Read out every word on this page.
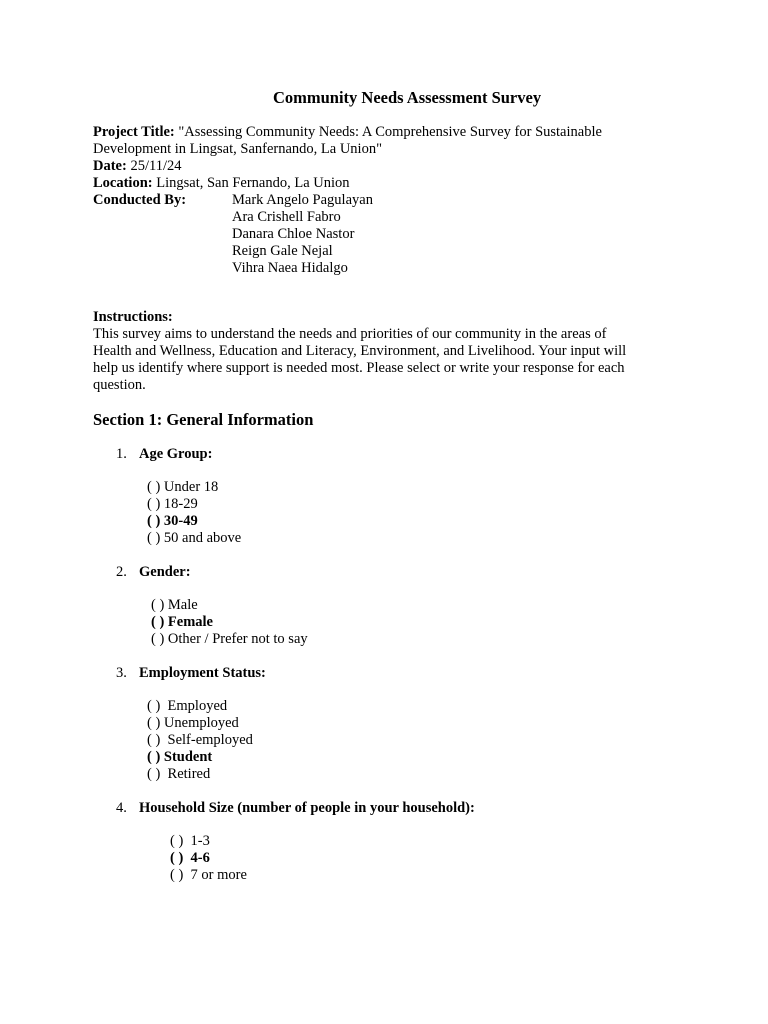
Community Needs Assessment Survey

Project Title: "Assessing Community Needs: A Comprehensive Survey for Sustainable

Development in Lingsat, Sanfernando, La Union"

Date: 25/11/24

Location: Lingsat, San Fernando, La Union

Conducted By:	Mark Angelo Pagulayan
Ara Crishell Fabro
Danara Chloe Nastor
Reign Gale Nejal
Vihra Naea Hidalgo

Instructions:

This survey aims to understand the needs and priorities of our community in the areas of

Health and Wellness, Education and Literacy, Environment, and Livelihood. Your input will

help us identify where support is needed most. Please select or write your response for each

question.

Section 1: General Information
1. Age Group:
( ) Under 18
( ) 18-29
( ) 30-49
( ) 50 and above
2. Gender:
( ) Male
( ) Female
( ) Other / Prefer not to say
3. Employment Status:
( )  Employed
( ) Unemployed
( )  Self-employed
( ) Student
( )  Retired
4. Household Size (number of people in your household):
( )  1-3
( )  4-6
( )  7 or more
